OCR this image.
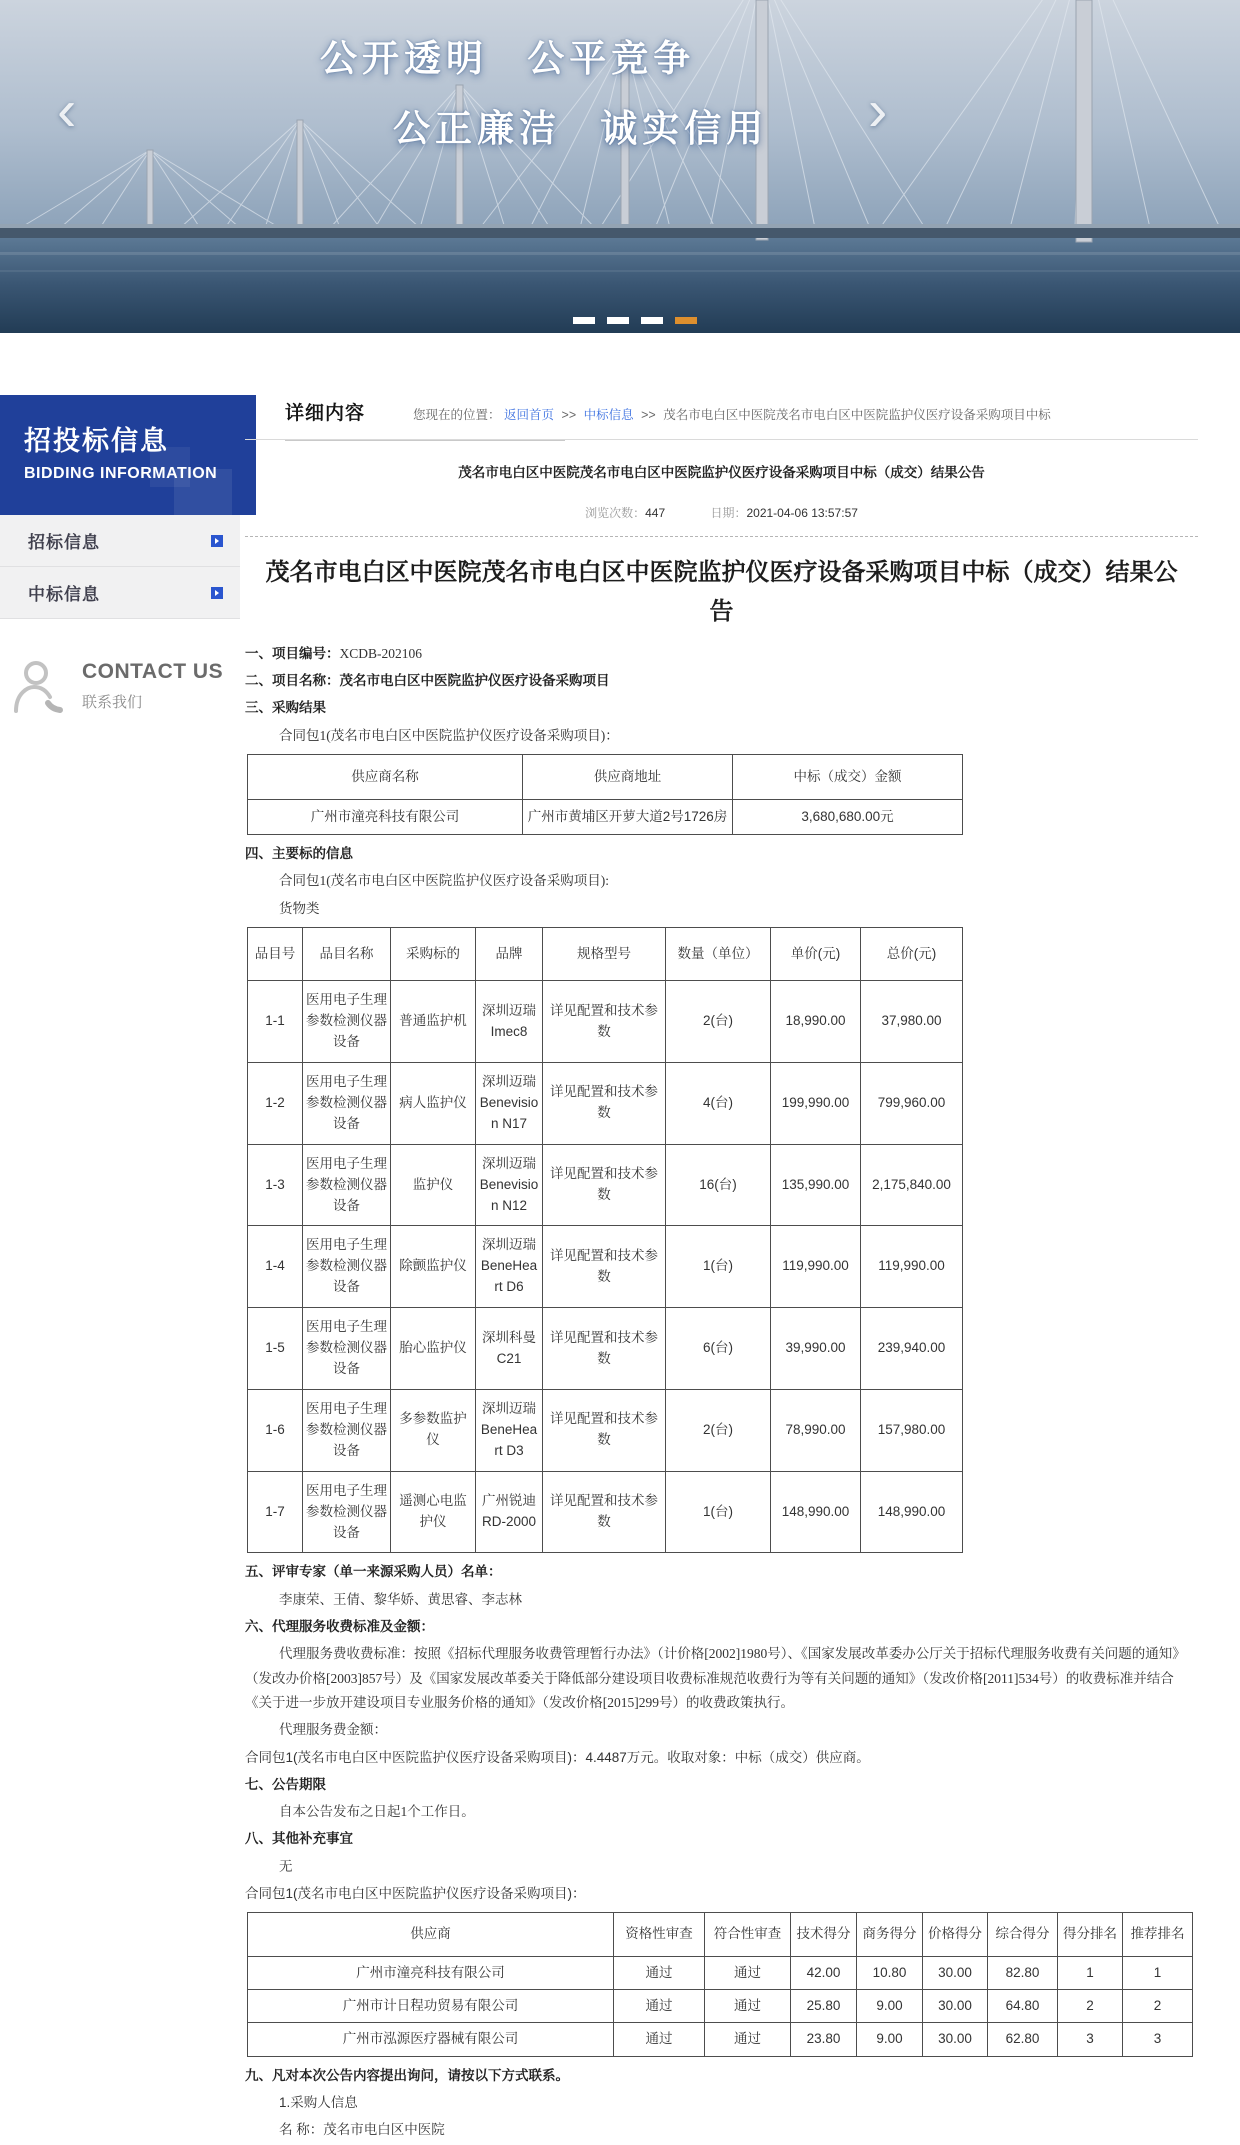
公开透明 公平竞争
公正廉洁 诚实信用
‹	›
招投标信息
BIDDING INFORMATION
招标信息
中标信息
CONTACT US
联系我们
详细内容	您现在的位置： 返回首页 >> 中标信息 >> 茂名市电白区中医院茂名市电白区中医院监护仪医疗设备采购项目中标
茂名市电白区中医院茂名市电白区中医院监护仪医疗设备采购项目中标（成交）结果公告
浏览次数：447	日期：2021-04-06 13:57:57
茂名市电白区中医院茂名市电白区中医院监护仪医疗设备采购项目中标（成交）结果公告

一、项目编号：XCDB-202106

二、项目名称：茂名市电白区中医院监护仪医疗设备采购项目

三、采购结果

合同包1(茂名市电白区中医院监护仪医疗设备采购项目)：

供应商名称	供应商地址	中标（成交）金额
广州市潼亮科技有限公司	广州市黄埔区开萝大道2号1726房	3,680,680.00元

四、主要标的信息

合同包1(茂名市电白区中医院监护仪医疗设备采购项目):

货物类

品目号	品目名称	采购标的	品牌	规格型号	数量（单位）	单价(元)	总价(元)
1-1	医用电子生理参数检测仪器设备	普通监护机	深圳迈瑞 Imec8	详见配置和技术参数	2(台)	18,990.00	37,980.00
1-2	医用电子生理参数检测仪器设备	病人监护仪	深圳迈瑞 Benevision N17	详见配置和技术参数	4(台)	199,990.00	799,960.00
1-3	医用电子生理参数检测仪器设备	监护仪	深圳迈瑞 Benevision N12	详见配置和技术参数	16(台)	135,990.00	2,175,840.00
1-4	医用电子生理参数检测仪器设备	除颤监护仪	深圳迈瑞 BeneHeart D6	详见配置和技术参数	1(台)	119,990.00	119,990.00
1-5	医用电子生理参数检测仪器设备	胎心监护仪	深圳科曼 C21	详见配置和技术参数	6(台)	39,990.00	239,940.00
1-6	医用电子生理参数检测仪器设备	多参数监护仪	深圳迈瑞 BeneHeart D3	详见配置和技术参数	2(台)	78,990.00	157,980.00
1-7	医用电子生理参数检测仪器设备	遥测心电监护仪	广州锐迪 RD-2000	详见配置和技术参数	1(台)	148,990.00	148,990.00

五、评审专家（单一来源采购人员）名单：

李康荣、王倩、黎华娇、黄思睿、李志林

六、代理服务收费标准及金额：

代理服务费收费标准：按照《招标代理服务收费管理暂行办法》（计价格[2002]1980号）、《国家发展改革委办公厅关于招标代理服务收费有关问题的通知》（发改办价格[2003]857号）及《国家发展改革委关于降低部分建设项目收费标准规范收费行为等有关问题的通知》（发改价格[2011]534号）的收费标准并结合《关于进一步放开建设项目专业服务价格的通知》（发改价格[2015]299号）的收费政策执行。

代理服务费金额：

合同包1(茂名市电白区中医院监护仪医疗设备采购项目)：4.4487万元。收取对象：中标（成交）供应商。

七、公告期限

自本公告发布之日起1个工作日。

八、其他补充事宜

无

合同包1(茂名市电白区中医院监护仪医疗设备采购项目)：

供应商	资格性审查	符合性审查	技术得分	商务得分	价格得分	综合得分	得分排名	推荐排名
广州市潼亮科技有限公司	通过	通过	42.00	10.80	30.00	82.80	1	1
广州市计日程功贸易有限公司	通过	通过	25.80	9.00	30.00	64.80	2	2
广州市泓源医疗器械有限公司	通过	通过	23.80	9.00	30.00	62.80	3	3

九、凡对本次公告内容提出询问，请按以下方式联系。

1.采购人信息

名 称：茂名市电白区中医院
